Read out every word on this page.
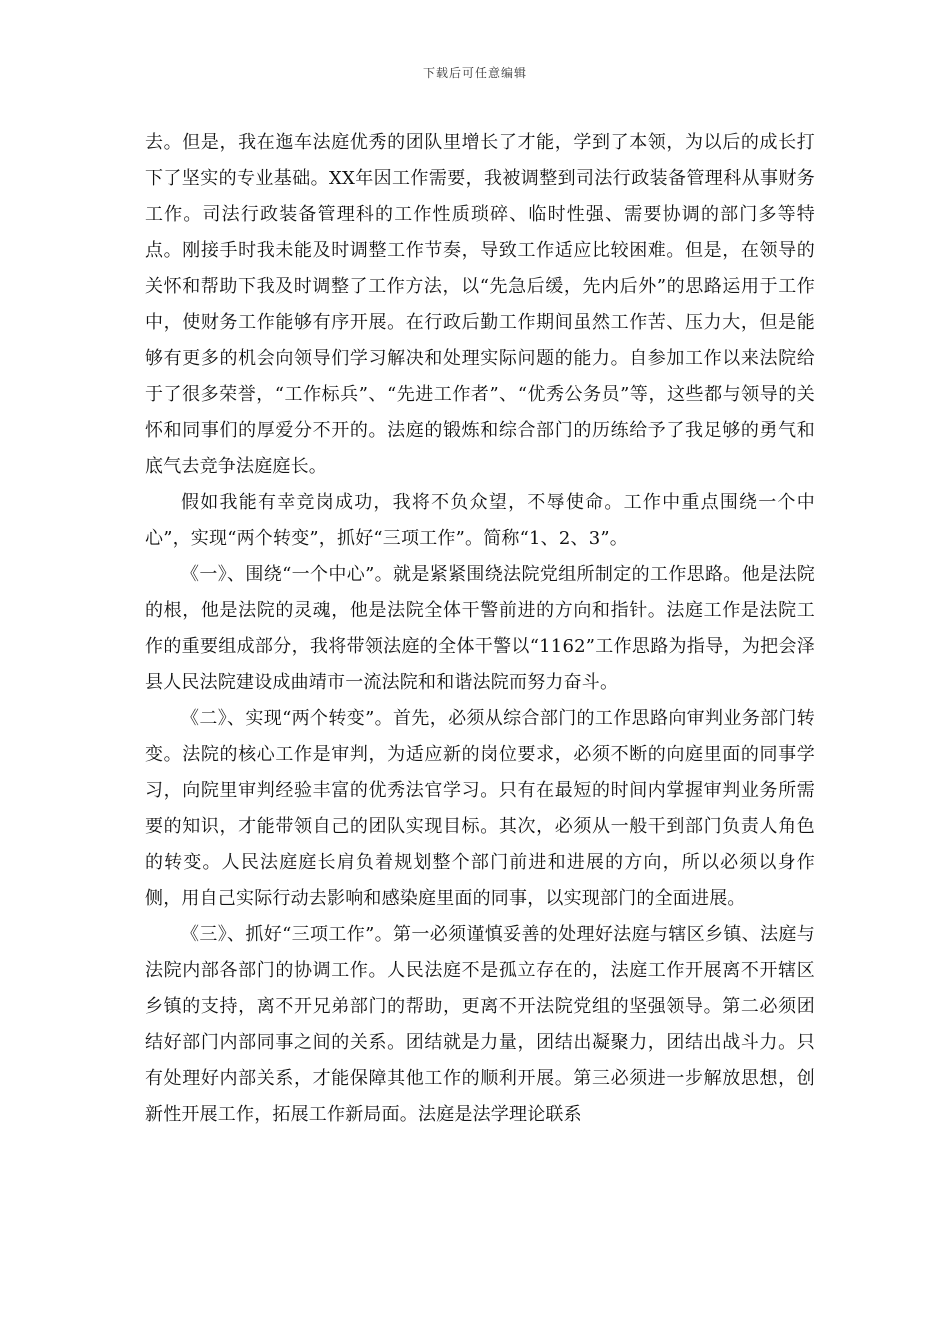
下载后可任意编辑

去。但是，我在迤车法庭优秀的团队里增长了才能，学到了本领，为以后的成长打下了坚实的专业基础。XX年因工作需要，我被调整到司法行政装备管理科从事财务工作。司法行政装备管理科的工作性质琐碎、临时性强、需要协调的部门多等特点。刚接手时我未能及时调整工作节奏，导致工作适应比较困难。但是，在领导的关怀和帮助下我及时调整了工作方法，以“先急后缓，先内后外”的思路运用于工作中，使财务工作能够有序开展。在行政后勤工作期间虽然工作苦、压力大，但是能够有更多的机会向领导们学习解决和处理实际问题的能力。自参加工作以来法院给于了很多荣誉，“工作标兵”、“先进工作者”、“优秀公务员”等，这些都与领导的关怀和同事们的厚爱分不开的。法庭的锻炼和综合部门的历练给予了我足够的勇气和底气去竞争法庭庭长。

假如我能有幸竞岗成功，我将不负众望，不辱使命。工作中重点围绕一个中心”，实现“两个转变”，抓好“三项工作”。简称“1、2、3”。

《一》、围绕“一个中心”。就是紧紧围绕法院党组所制定的工作思路。他是法院的根，他是法院的灵魂，他是法院全体干警前进的方向和指针。法庭工作是法院工作的重要组成部分，我将带领法庭的全体干警以“1162”工作思路为指导，为把会泽县人民法院建设成曲靖市一流法院和和谐法院而努力奋斗。

《二》、实现“两个转变”。首先，必须从综合部门的工作思路向审判业务部门转变。法院的核心工作是审判，为适应新的岗位要求，必须不断的向庭里面的同事学习，向院里审判经验丰富的优秀法官学习。只有在最短的时间内掌握审判业务所需要的知识，才能带领自己的团队实现目标。其次，必须从一般干到部门负责人角色的转变。人民法庭庭长肩负着规划整个部门前进和进展的方向，所以必须以身作侧，用自己实际行动去影响和感染庭里面的同事，以实现部门的全面进展。

《三》、抓好“三项工作”。第一必须谨慎妥善的处理好法庭与辖区乡镇、法庭与法院内部各部门的协调工作。人民法庭不是孤立存在的，法庭工作开展离不开辖区乡镇的支持，离不开兄弟部门的帮助，更离不开法院党组的坚强领导。第二必须团结好部门内部同事之间的关系。团结就是力量，团结出凝聚力，团结出战斗力。只有处理好内部关系，才能保障其他工作的顺利开展。第三必须进一步解放思想，创新性开展工作，拓展工作新局面。法庭是法学理论联系
